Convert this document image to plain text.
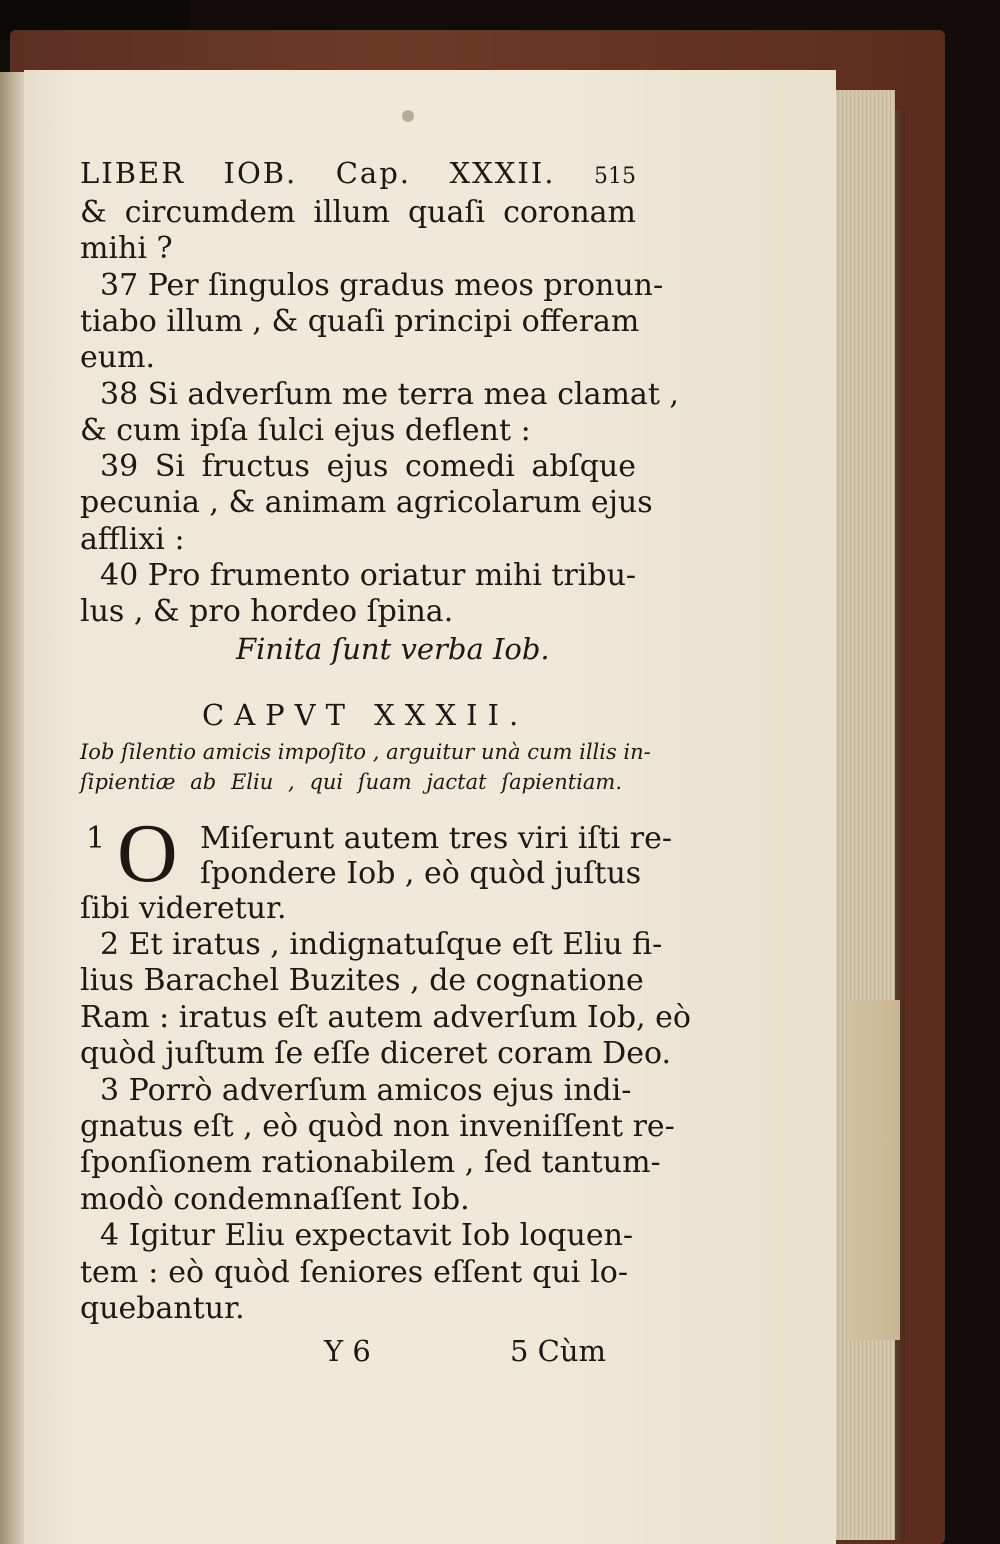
LIBER IOB. Cap. XXXII. 515
& circumdem illum quaſi coronam
mihi ?
37 Per ſingulos gradus meos pronun-
tiabo illum , & quaſi principi offeram
eum.
38 Si adverſum me terra mea clamat ,
& cum ipſa ſulci ejus deflent :
39 Si fructus ejus comedi abſque
pecunia , & animam agricolarum ejus
afflixi :
40 Pro frumento oriatur mihi tribu-
lus , & pro hordeo ſpina.
Finita ſunt verba Iob.
CAPVT XXXII.
Iob ſilentio amicis impoſito , arguitur unà cum illis in-
ſipientiæ ab Eliu , qui ſuam jactat ſapientiam.
1 O Miſerunt autem tres viri iſti re-
ſpondere Iob , eò quòd juſtus
ſibi videretur.
2 Et iratus , indignatuſque eſt Eliu fi-
lius Barachel Buzites , de cognatione
Ram : iratus eſt autem adverſum Iob, eò
quòd juſtum ſe eſſe diceret coram Deo.
3 Porrò adverſum amicos ejus indi-
gnatus eſt , eò quòd non inveniſſent re-
ſponſionem rationabilem , ſed tantum-
modò condemnaſſent Iob.
4 Igitur Eliu expectavit Iob loquen-
tem : eò quòd ſeniores eſſent qui lo-
quebantur.
Y 6	5 Cùm
